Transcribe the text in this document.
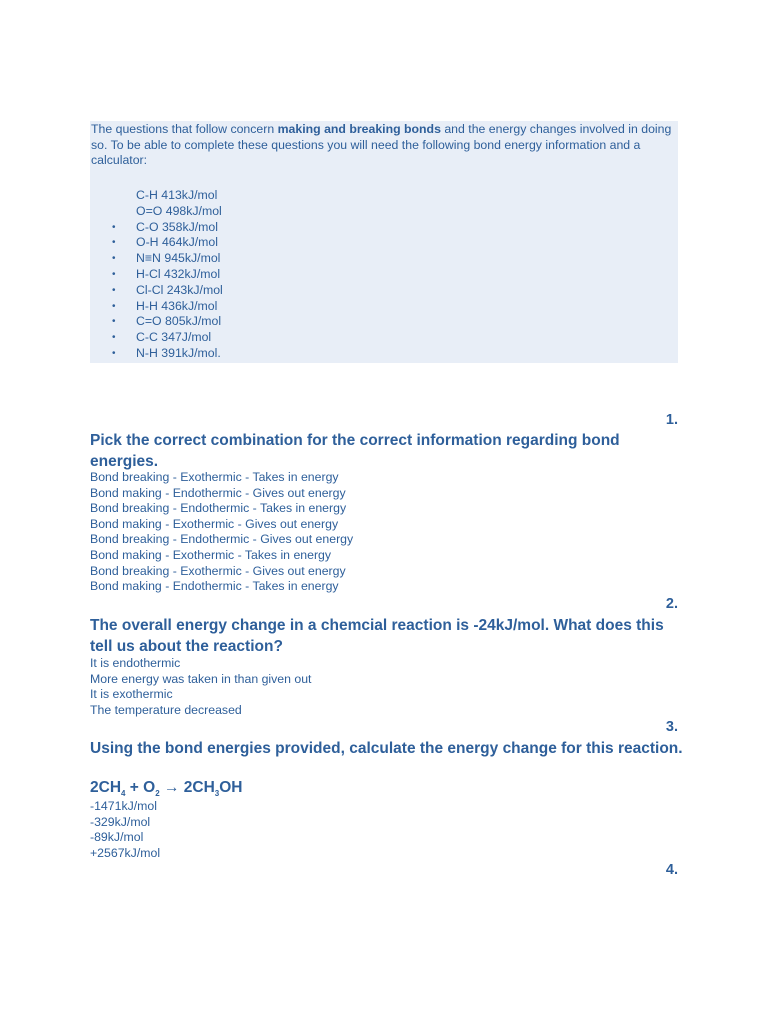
The questions that follow concern making and breaking bonds and the energy changes involved in doing so. To be able to complete these questions you will need the following bond energy information and a calculator:
C-H 413kJ/mol
O=O 498kJ/mol
•	C-O 358kJ/mol
•	O-H 464kJ/mol
•	N≡N 945kJ/mol
•	H-Cl 432kJ/mol
•	Cl-Cl 243kJ/mol
•	H-H 436kJ/mol
•	C=O 805kJ/mol
•	C-C 347J/mol
•	N-H 391kJ/mol.
1.
Pick the correct combination for the correct information regarding bond energies.
Bond breaking - Exothermic - Takes in energy
Bond making - Endothermic - Gives out energy
Bond breaking - Endothermic - Takes in energy
Bond making - Exothermic - Gives out energy
Bond breaking - Endothermic - Gives out energy
Bond making - Exothermic - Takes in energy
Bond breaking - Exothermic - Gives out energy
Bond making - Endothermic - Takes in energy
2.
The overall energy change in a chemcial reaction is -24kJ/mol. What does this tell us about the reaction?
It is endothermic
More energy was taken in than given out
It is exothermic
The temperature decreased
3.
Using the bond energies provided, calculate the energy change for this reaction.
$2CH_4 + O_2 \to 2CH_3OH$
-1471kJ/mol
-329kJ/mol
-89kJ/mol
+2567kJ/mol
4.
